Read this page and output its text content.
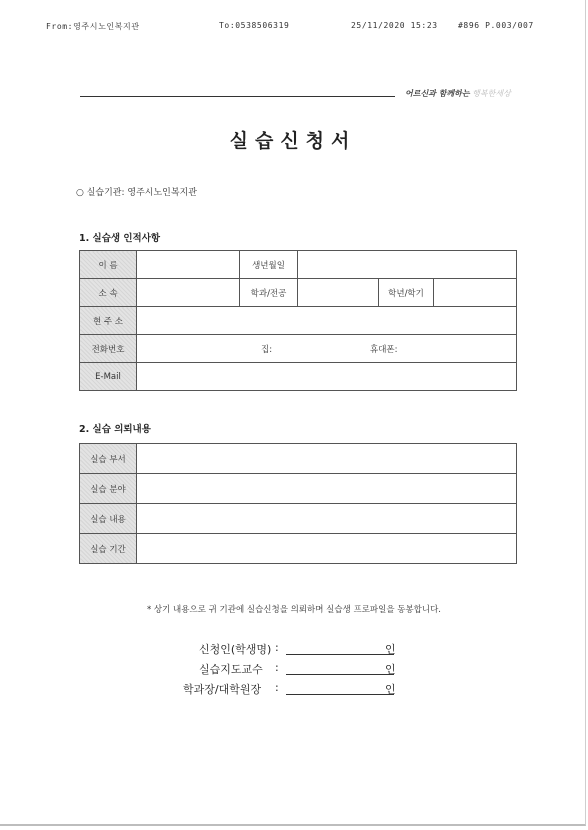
From:영주시노인복지관	To:0538506319	25/11/2020 15:23	#896 P.003/007
어르신과 함께하는 행복한세상
실습신청서
○ 실습기관: 영주시노인복지관
1. 실습생 인적사항
이 름		생년월일			
소 속		학과/전공		학년/학기	
현 주 소					
전화번호	집: 휴대폰:				

E-Mail					
2. 실습 의뢰내용
실습 부서	
실습 분야	
실습 내용	
실습 기간	
* 상기 내용으로 귀 기관에 실습신청을 의뢰하며 실습생 프로파일을 동봉합니다.
신청인(학생명) :	인
실습지도교수 :	인
학과장/대학원장 :	인
